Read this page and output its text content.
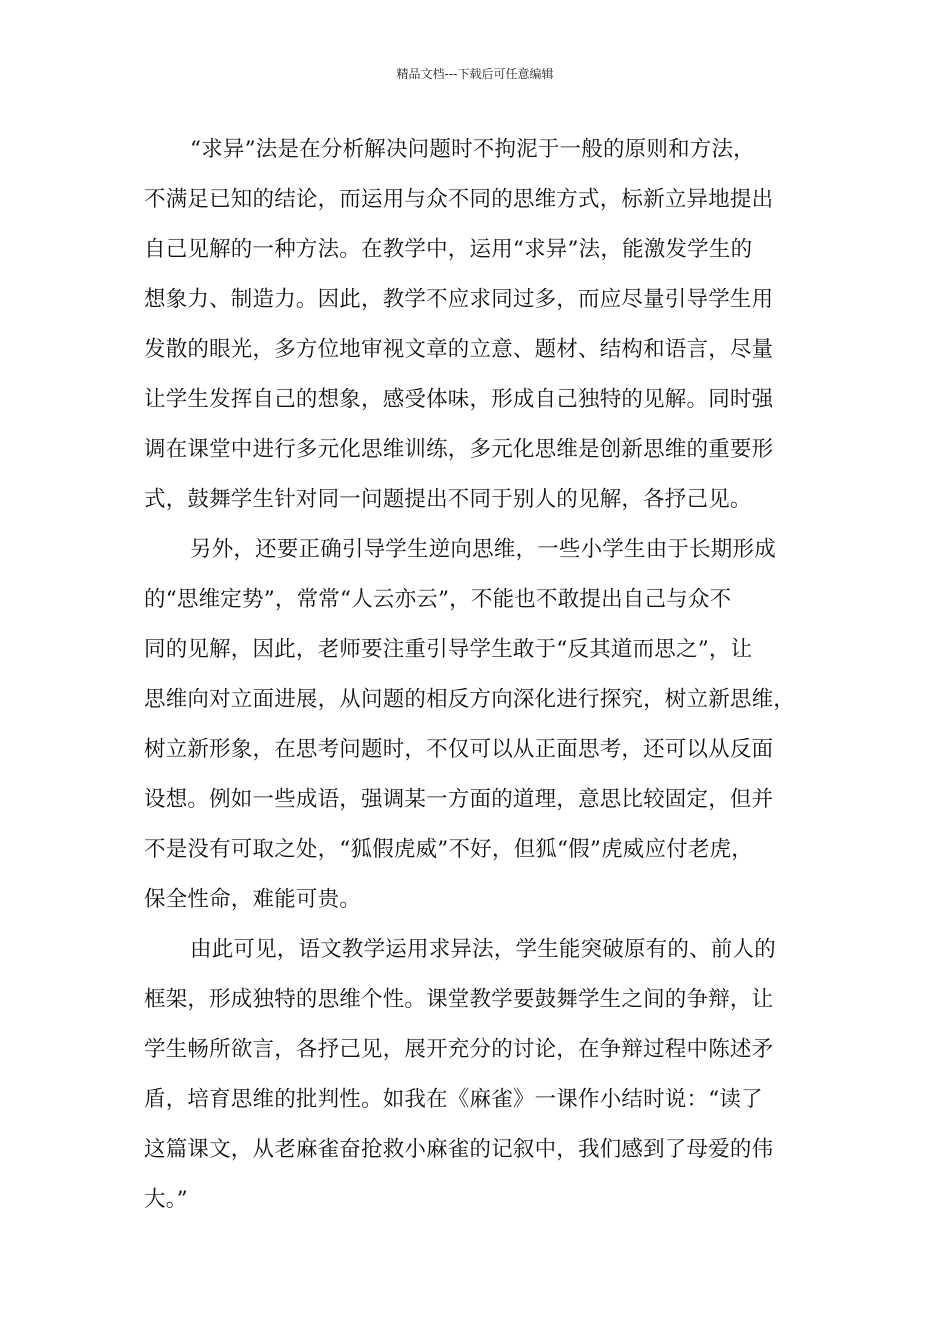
精品文档---下载后可任意编辑
“求异”法是在分析解决问题时不拘泥于一般的原则和方法，
不满足已知的结论，而运用与众不同的思维方式，标新立异地提出
自己见解的一种方法。在教学中，运用“求异”法，能激发学生的
想象力、制造力。因此，教学不应求同过多，而应尽量引导学生用
发散的眼光，多方位地审视文章的立意、题材、结构和语言，尽量
让学生发挥自己的想象，感受体味，形成自己独特的见解。同时强
调在课堂中进行多元化思维训练，多元化思维是创新思维的重要形
式，鼓舞学生针对同一问题提出不同于别人的见解，各抒己见。
另外，还要正确引导学生逆向思维，一些小学生由于长期形成
的“思维定势”，常常“人云亦云”，不能也不敢提出自己与众不
同的见解，因此，老师要注重引导学生敢于“反其道而思之”，让
思维向对立面进展，从问题的相反方向深化进行探究，树立新思维，
树立新形象，在思考问题时，不仅可以从正面思考，还可以从反面
设想。例如一些成语，强调某一方面的道理，意思比较固定，但并
不是没有可取之处，“狐假虎威”不好，但狐“假”虎威应付老虎，
保全性命，难能可贵。
由此可见，语文教学运用求异法，学生能突破原有的、前人的
框架，形成独特的思维个性。课堂教学要鼓舞学生之间的争辩，让
学生畅所欲言，各抒己见，展开充分的讨论，在争辩过程中陈述矛
盾，培育思维的批判性。如我在《麻雀》一课作小结时说：“读了
这篇课文，从老麻雀奋抢救小麻雀的记叙中，我们感到了母爱的伟
大。”
